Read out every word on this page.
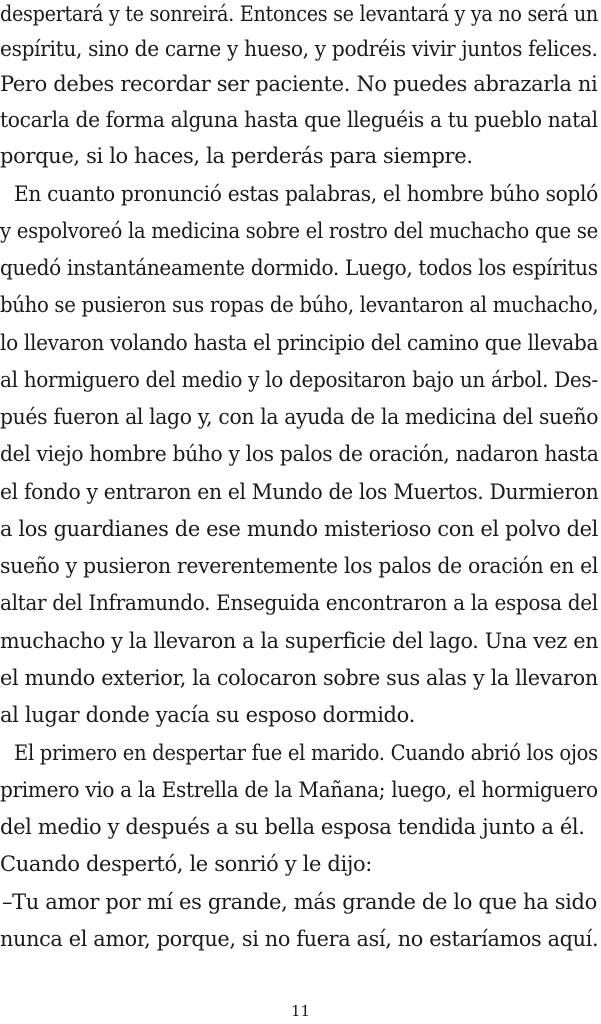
despertará y te sonreirá. Entonces se levantará y ya no será un
espíritu, sino de carne y hueso, y podréis vivir juntos felices.
Pero debes recordar ser paciente. No puedes abrazarla ni
tocarla de forma alguna hasta que lleguéis a tu pueblo natal
porque, si lo haces, la perderás para siempre.
En cuanto pronunció estas palabras, el hombre búho sopló
y espolvoreó la medicina sobre el rostro del muchacho que se
quedó instantáneamente dormido. Luego, todos los espíritus
búho se pusieron sus ropas de búho, levantaron al muchacho,
lo llevaron volando hasta el principio del camino que llevaba
al hormiguero del medio y lo depositaron bajo un árbol. Des-
pués fueron al lago y, con la ayuda de la medicina del sueño
del viejo hombre búho y los palos de oración, nadaron hasta
el fondo y entraron en el Mundo de los Muertos. Durmieron
a los guardianes de ese mundo misterioso con el polvo del
sueño y pusieron reverentemente los palos de oración en el
altar del Inframundo. Enseguida encontraron a la esposa del
muchacho y la llevaron a la superficie del lago. Una vez en
el mundo exterior, la colocaron sobre sus alas y la llevaron
al lugar donde yacía su esposo dormido.
El primero en despertar fue el marido. Cuando abrió los ojos
primero vio a la Estrella de la Mañana; luego, el hormiguero
del medio y después a su bella esposa tendida junto a él.
Cuando despertó, le sonrió y le dijo:
–Tu amor por mí es grande, más grande de lo que ha sido
nunca el amor, porque, si no fuera así, no estaríamos aquí.
11
